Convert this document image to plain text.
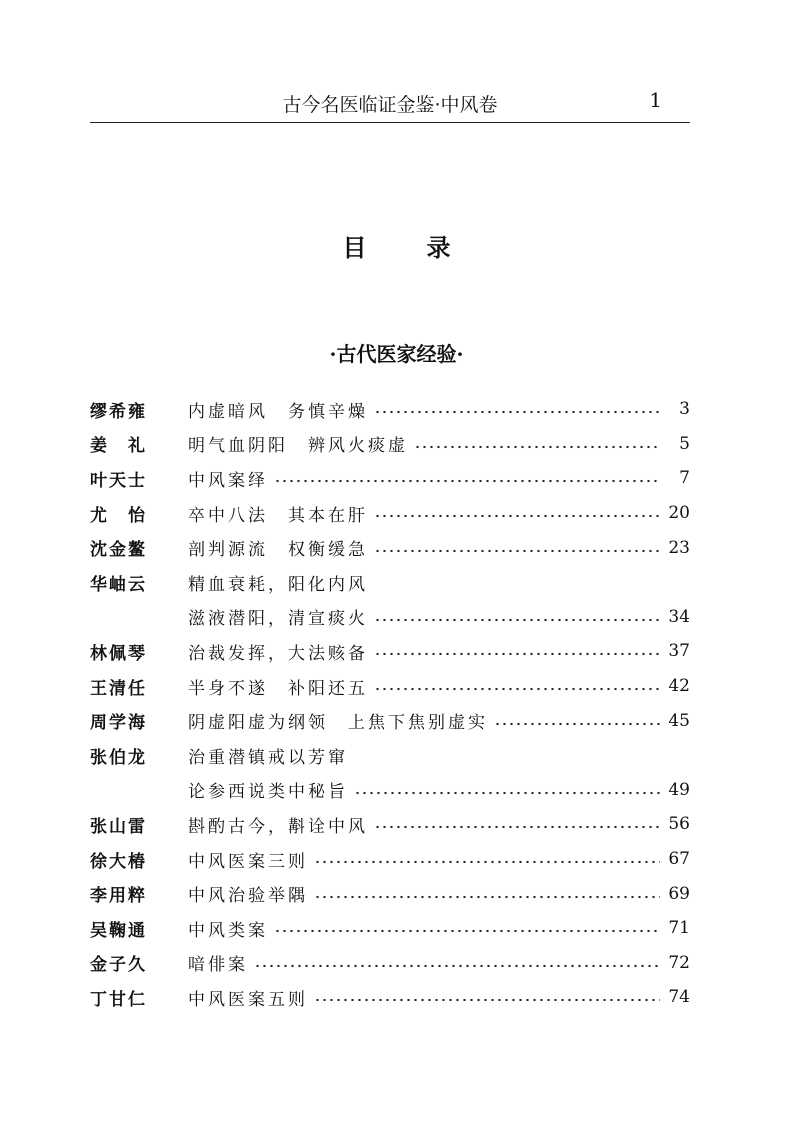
古今名医临证金鉴·中风卷	1
目录
·古代医家经验·
缪希雍	内虚暗风　务慎辛燥	3
姜　礼	明气血阴阳　辨风火痰虚	5
叶天士	中风案绎	7
尤　怡	卒中八法　其本在肝	20
沈金鳌	剖判源流　权衡缓急	23
华岫云	精血衰耗，阳化内风
滋液潜阳，清宣痰火	34
林佩琴	治裁发挥，大法赅备	37
王清任	半身不遂　补阳还五	42
周学海	阴虚阳虚为纲领　上焦下焦别虚实	45
张伯龙	治重潜镇戒以芳窜
论参西说类中秘旨	49
张山雷	斟酌古今，斠诠中风	56
徐大椿	中风医案三则	67
李用粹	中风治验举隅	69
吴鞠通	中风类案	71
金子久	喑俳案	72
丁甘仁	中风医案五则	74
